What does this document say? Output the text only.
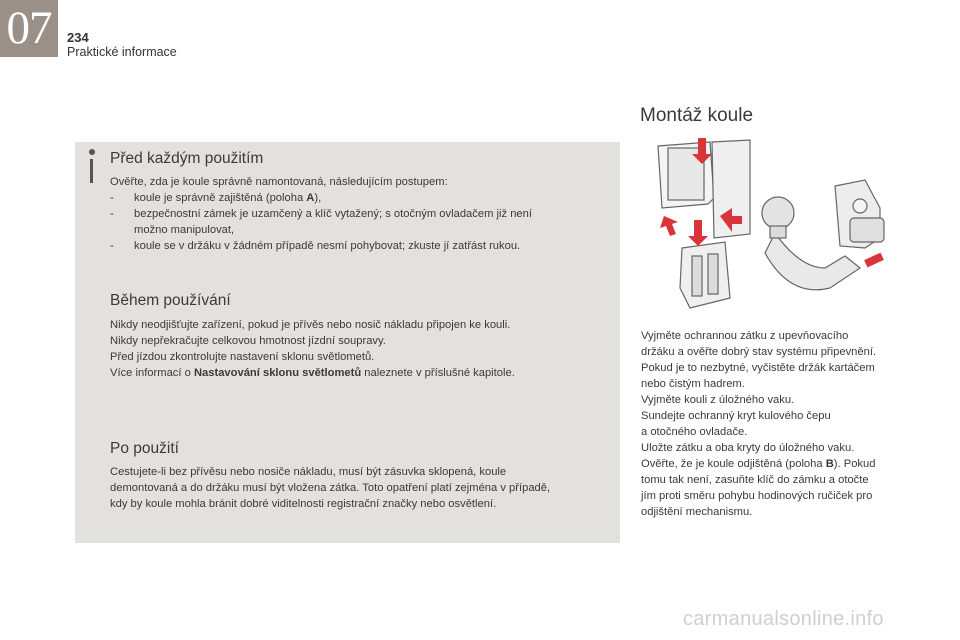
07	234
Praktické informace
Před každým použitím

Ověřte, zda je koule správně namontovaná, následujícím postupem:

- koule je správně zajištěná (poloha A),
- bezpečnostní zámek je uzamčený a klíč vytažený; s otočným ovladačem již není
možno manipulovat,
- koule se v držáku v žádném případě nesmí pohybovat; zkuste jí zatřást rukou.
Během používání
Nikdy neodjišťujte zařízení, pokud je přívěs nebo nosič nákladu připojen ke kouli.
Nikdy nepřekračujte celkovou hmotnost jízdní soupravy.
Před jízdou zkontrolujte nastavení sklonu světlometů.
Více informací o Nastavování sklonu světlometů naleznete v příslušné kapitole.
Po použití
Cestujete-li bez přívěsu nebo nosiče nákladu, musí být zásuvka sklopená, koule
demontovaná a do držáku musí být vložena zátka. Toto opatření platí zejména v případě,
kdy by koule mohla bránit dobré viditelnosti registrační značky nebo osvětlení.
Montáž koule
Vyjměte ochrannou zátku z upevňovacího
držáku a ověřte dobrý stav systému připevnění.
Pokud je to nezbytné, vyčistěte držák kartáčem
nebo čistým hadrem.
Vyjměte kouli z úložného vaku.
Sundejte ochranný kryt kulového čepu
a otočného ovladače.
Uložte zátku a oba kryty do úložného vaku.
Ověřte, že je koule odjištěná (poloha B). Pokud
tomu tak není, zasuňte klíč do zámku a otočte
jím proti směru pohybu hodinových ručiček pro
odjištění mechanismu.
carmanualsonline.info
